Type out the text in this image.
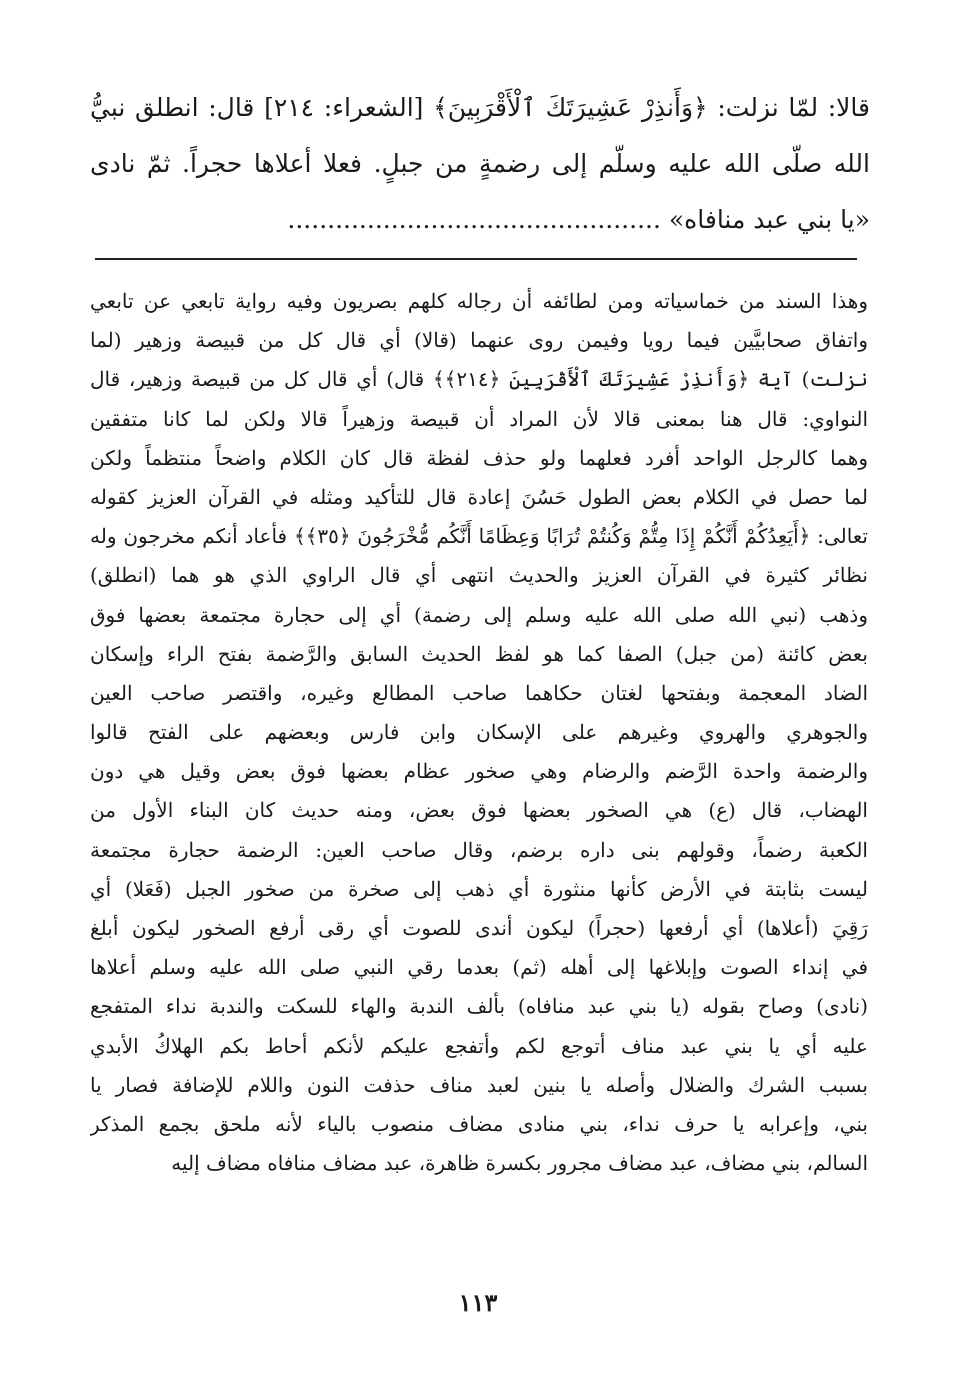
قالا: لمّا نزلت: ﴿وَأَنذِرْ عَشِيرَتَكَ ٱلْأَقْرَبِينَ﴾ [الشعراء: ٢١٤] قال: انطلق نبيُّ
الله صلّى الله عليه وسلّم إلى رضمةٍ من جبلٍ. فعلا أعلاها حجراً. ثمّ نادى
«يا بني عبد منافاه» ...............................................
وهذا السند من خماسياته ومن لطائفه أن رجاله كلهم بصريون وفيه رواية تابعي عن تابعي
واتفاق صحابيَّين فيما رويا وفيمن روى عنهما (قالا) أي قال كل من قبيصة وزهير (لما
نزلت) آية ﴿وَأَنذِرْ عَشِيرَتَكَ ٱلْأَقْرَبِينَ ﴿٢١٤﴾﴾ قال) أي قال كل من قبيصة وزهير، قال
النواوي: قال هنا بمعنى قالا لأن المراد أن قبيصة وزهيراً قالا ولكن لما كانا متفقين
وهما كالرجل الواحد أفرد فعلهما ولو حذف لفظة قال كان الكلام واضحاً منتظماً ولكن
لما حصل في الكلام بعض الطول حَسُنَ إعادة قال للتأكيد ومثله في القرآن العزيز كقوله
تعالى: ﴿أَيَعِدُكُمْ أَنَّكُمْ إِذَا مِتُّمْ وَكُنتُمْ تُرَابًا وَعِظَامًا أَنَّكُم مُّخْرَجُونَ ﴿٣٥﴾﴾ فأعاد أنكم مخرجون وله
نظائر كثيرة في القرآن العزيز والحديث انتهى أي قال الراوي الذي هو هما (انطلق)
وذهب (نبي الله صلى الله عليه وسلم إلى رضمة) أي إلى حجارة مجتمعة بعضها فوق
بعض كائنة (من جبل) الصفا كما هو لفظ الحديث السابق والرَّضمة بفتح الراء وإسكان
الضاد المعجمة وبفتحها لغتان حكاهما صاحب المطالع وغيره، واقتصر صاحب العين
والجوهري والهروي وغيرهم على الإسكان وابن فارس وبعضهم على الفتح قالوا
والرضمة واحدة الرَّضم والرضام وهي صخور عظام بعضها فوق بعض وقيل هي دون
الهضاب، قال (ع) هي الصخور بعضها فوق بعض، ومنه حديث كان البناء الأول من
الكعبة رضماً، وقولهم بنى داره برضم، وقال صاحب العين: الرضمة حجارة مجتمعة
ليست بثابتة في الأرض كأنها منثورة أي ذهب إلى صخرة من صخور الجبل (فَعَلا) أي
رَقِيَ (أعلاها) أي أرفعها (حجراً) ليكون أندى للصوت أي رقى أرفع الصخور ليكون أبلغ
في إنداء الصوت وإبلاغها إلى أهله (ثم) بعدما رقي النبي صلى الله عليه وسلم أعلاها
(نادى) وصاح بقوله (يا بني عبد منافاه) بألف الندبة والهاء للسكت والندبة نداء المتفجع
عليه أي يا بني عبد مناف أتوجع لكم وأتفجع عليكم لأنكم أحاط بكم الهلاكُ الأبدي
بسبب الشرك والضلال وأصله يا بنين لعبد مناف حذفت النون واللام للإضافة فصار يا
بني، وإعرابه يا حرف نداء، بني منادى مضاف منصوب بالياء لأنه ملحق بجمع المذكر
السالم، بني مضاف، عبد مضاف مجرور بكسرة ظاهرة، عبد مضاف منافاه مضاف إليه
١١٣
